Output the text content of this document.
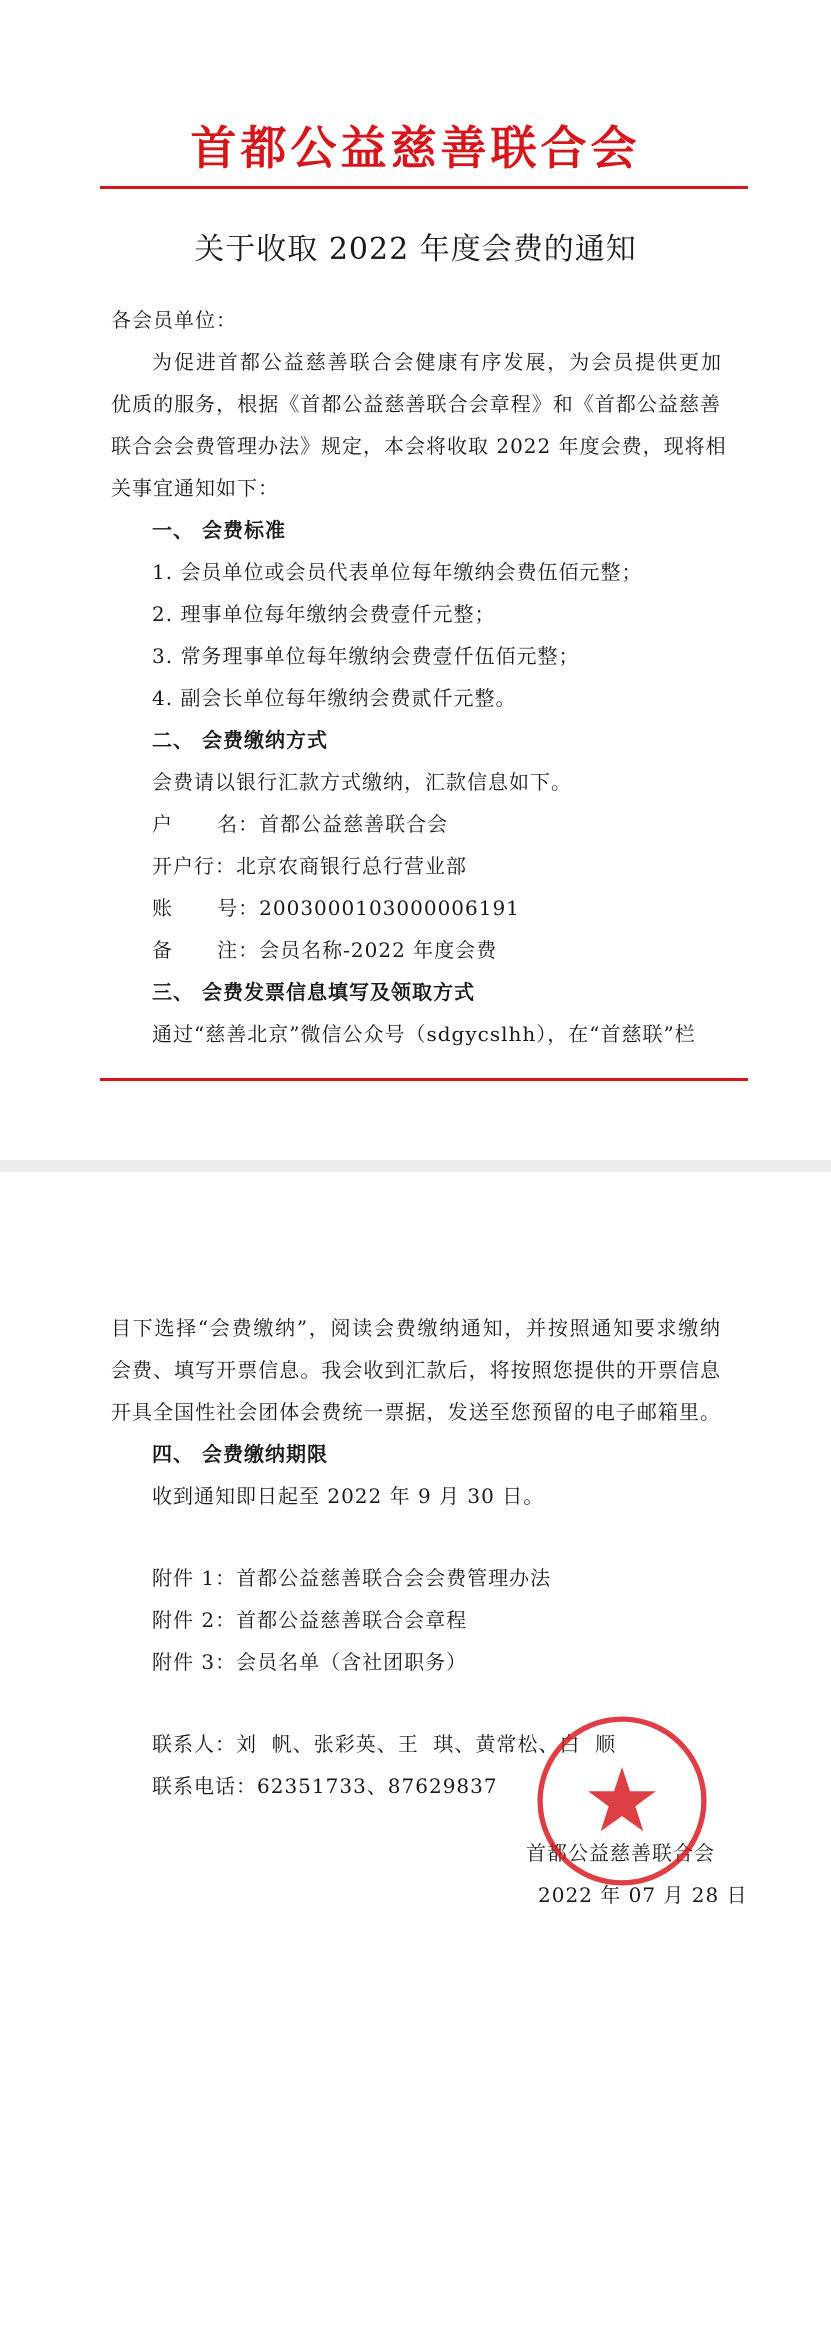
首都公益慈善联合会
关于收取 2022 年度会费的通知
各会员单位：
为促进首都公益慈善联合会健康有序发展，为会员提供更加
优质的服务，根据《首都公益慈善联合会章程》和《首都公益慈善
联合会会费管理办法》规定，本会将收取 2022 年度会费，现将相
关事宜通知如下：
一、 会费标准
1. 会员单位或会员代表单位每年缴纳会费伍佰元整；
2. 理事单位每年缴纳会费壹仟元整；
3. 常务理事单位每年缴纳会费壹仟伍佰元整；
4. 副会长单位每年缴纳会费贰仟元整。
二、 会费缴纳方式
会费请以银行汇款方式缴纳，汇款信息如下。
户      名：首都公益慈善联合会
开户行：北京农商银行总行营业部
账      号：2003000103000006191
备      注：会员名称-2022 年度会费
三、 会费发票信息填写及领取方式
通过“慈善北京”微信公众号（sdgycslhh），在“首慈联”栏
目下选择“会费缴纳”，阅读会费缴纳通知，并按照通知要求缴纳
会费、填写开票信息。我会收到汇款后，将按照您提供的开票信息
开具全国性社会团体会费统一票据，发送至您预留的电子邮箱里。
四、 会费缴纳期限
收到通知即日起至 2022 年 9 月 30 日。
附件 1：首都公益慈善联合会会费管理办法
附件 2：首都公益慈善联合会章程
附件 3：会员名单（含社团职务）
联系人：刘  帆、张彩英、王  琪、黄常松、白  顺
联系电话：62351733、87629837
首都公益慈善联合会
2022 年 07 月 28 日
